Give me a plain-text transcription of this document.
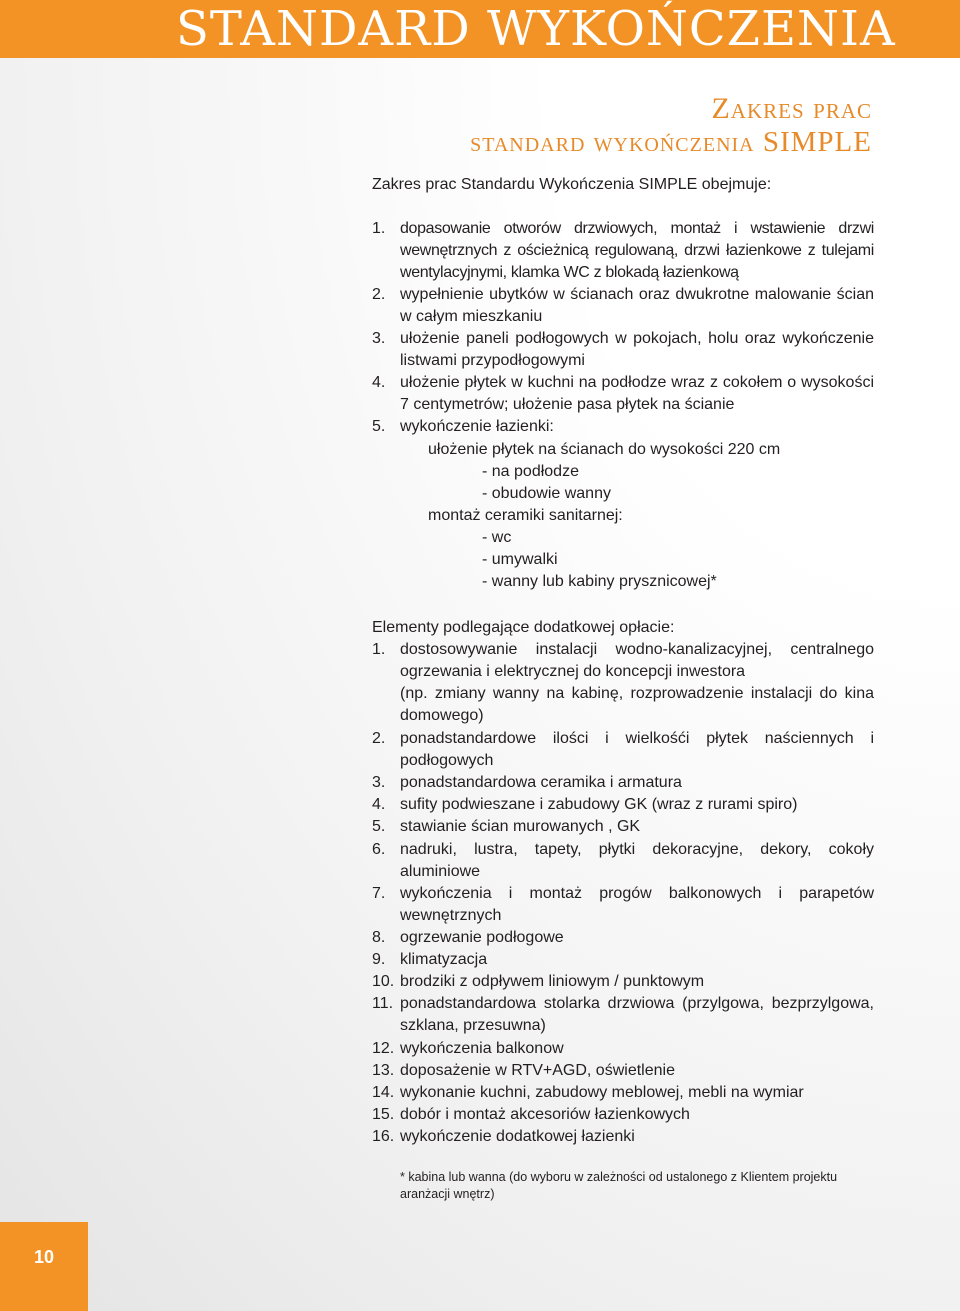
STANDARD WYKOŃCZENIA
Zakres prac
standard wykończenia SIMPLE
Zakres prac Standardu Wykończenia SIMPLE obejmuje:
1. dopasowanie otworów drzwiowych, montaż i wstawienie drzwi wewnętrznych z ościeżnicą regulowaną, drzwi łazienkowe z tulejami wentylacyjnymi, klamka WC z blokadą łazienkową
2. wypełnienie ubytków w ścianach oraz dwukrotne malowanie ścian w całym mieszkaniu
3. ułożenie paneli podłogowych w pokojach, holu oraz wykończenie listwami przypodłogowymi
4. ułożenie płytek w kuchni na podłodze wraz z cokołem o wysokości 7 centymetrów; ułożenie pasa płytek na ścianie
5. wykończenie łazienki:
ułożenie płytek na ścianach do wysokości 220 cm
- na podłodze
- obudowie wanny
montaż ceramiki sanitarnej:
- wc
- umywalki
- wanny lub kabiny prysznicowej*
Elementy podlegające dodatkowej opłacie:
1. dostosowywanie instalacji wodno-kanalizacyjnej, centralnego ogrzewania i elektrycznej do koncepcji inwestora
(np. zmiany wanny na kabinę, rozprowadzenie instalacji do kina domowego)
2. ponadstandardowe ilości i wielkośći płytek naściennych i podłogowych
3. ponadstandardowa ceramika i armatura
4. sufity podwieszane i zabudowy GK (wraz z rurami spiro)
5. stawianie ścian murowanych , GK
6. nadruki, lustra, tapety, płytki dekoracyjne, dekory, cokoły aluminiowe
7. wykończenia i montaż progów balkonowych i parapetów wewnętrznych
8. ogrzewanie podłogowe
9. klimatyzacja
10. brodziki z odpływem liniowym / punktowym
11. ponadstandardowa stolarka drzwiowa (przylgowa, bezprzylgowa, szklana, przesuwna)
12. wykończenia balkonow
13. doposażenie w RTV+AGD, oświetlenie
14. wykonanie kuchni, zabudowy meblowej, mebli na wymiar
15. dobór i montaż akcesoriów łazienkowych
16. wykończenie dodatkowej łazienki
* kabina lub wanna (do wyboru w zależności od ustalonego z Klientem projektu aranżacji wnętrz)
10
